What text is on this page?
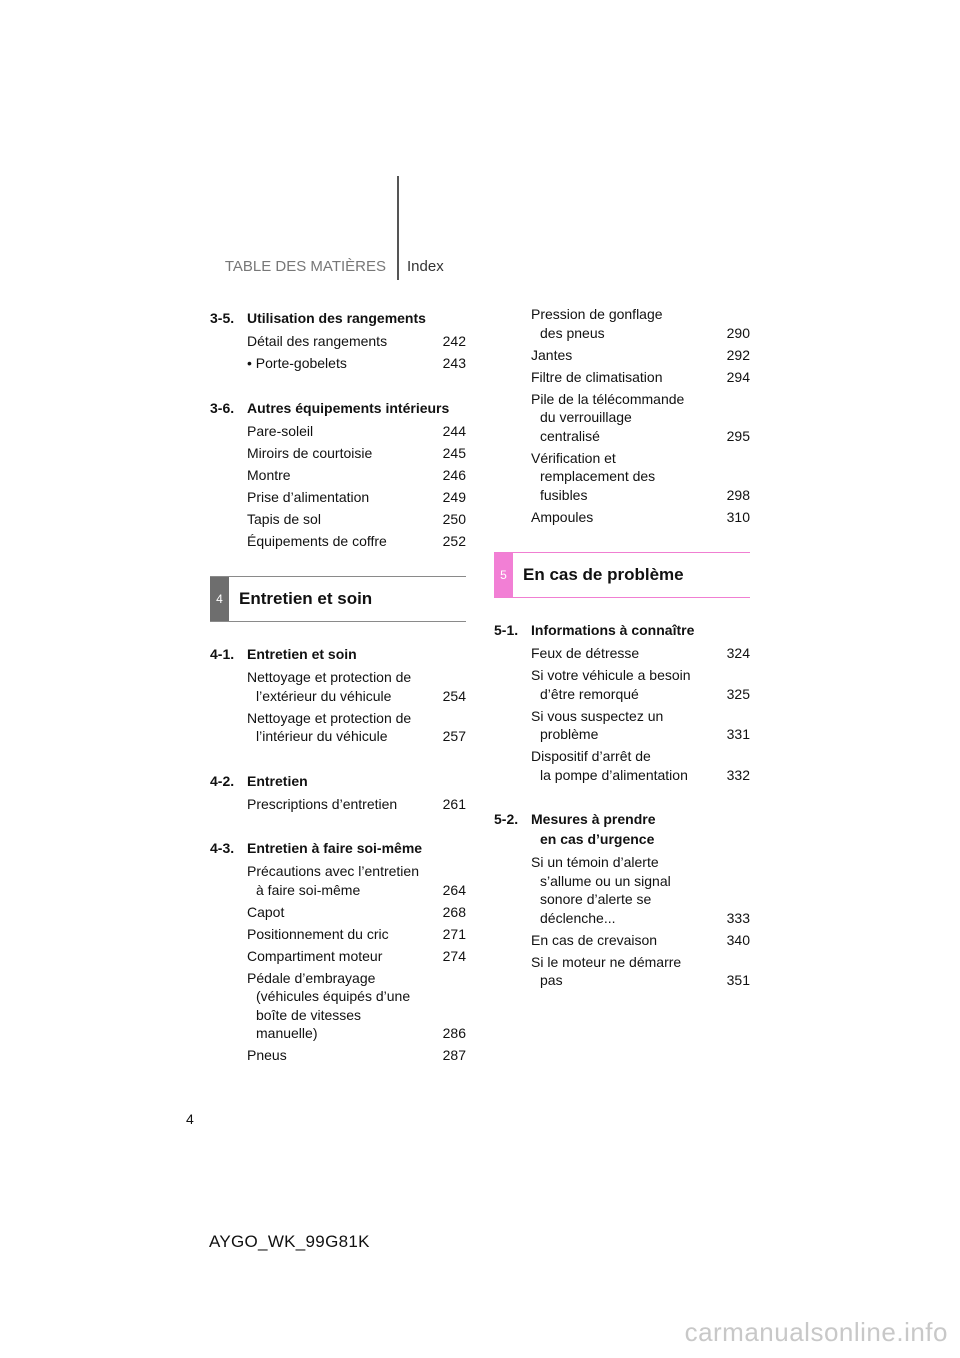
TABLE DES MATIÈRES Index
3-5. Utilisation des rangements
Détail des rangements	242
• Porte-gobelets	243
3-6. Autres équipements intérieurs
Pare-soleil	244
Miroirs de courtoisie	245
Montre	246
Prise d’alimentation	249
Tapis de sol	250
Équipements de coffre	252
4 Entretien et soin
4-1. Entretien et soin
Nettoyage et protection de
l’extérieur du véhicule	254
Nettoyage et protection de
l’intérieur du véhicule	257
4-2. Entretien
Prescriptions d’entretien	261
4-3. Entretien à faire soi-même
Précautions avec l’entretien
à faire soi-même	264
Capot	268
Positionnement du cric	271
Compartiment moteur	274
Pédale d’embrayage
(véhicules équipés d’une
boîte de vitesses
manuelle)	286
Pneus	287
Pression de gonflage
des pneus	290
Jantes	292
Filtre de climatisation	294
Pile de la télécommande
du verrouillage
centralisé	295
Vérification et
remplacement des
fusibles	298
Ampoules	310
5 En cas de problème
5-1. Informations à connaître
Feux de détresse	324
Si votre véhicule a besoin
d’être remorqué	325
Si vous suspectez un
problème	331
Dispositif d’arrêt de
la pompe d’alimentation	332
5-2. Mesures à prendre
en cas d’urgence
Si un témoin d’alerte
s’allume ou un signal
sonore d’alerte se
déclenche...	333
En cas de crevaison	340
Si le moteur ne démarre
pas	351
4
AYGO_WK_99G81K
carmanualsonline.info
